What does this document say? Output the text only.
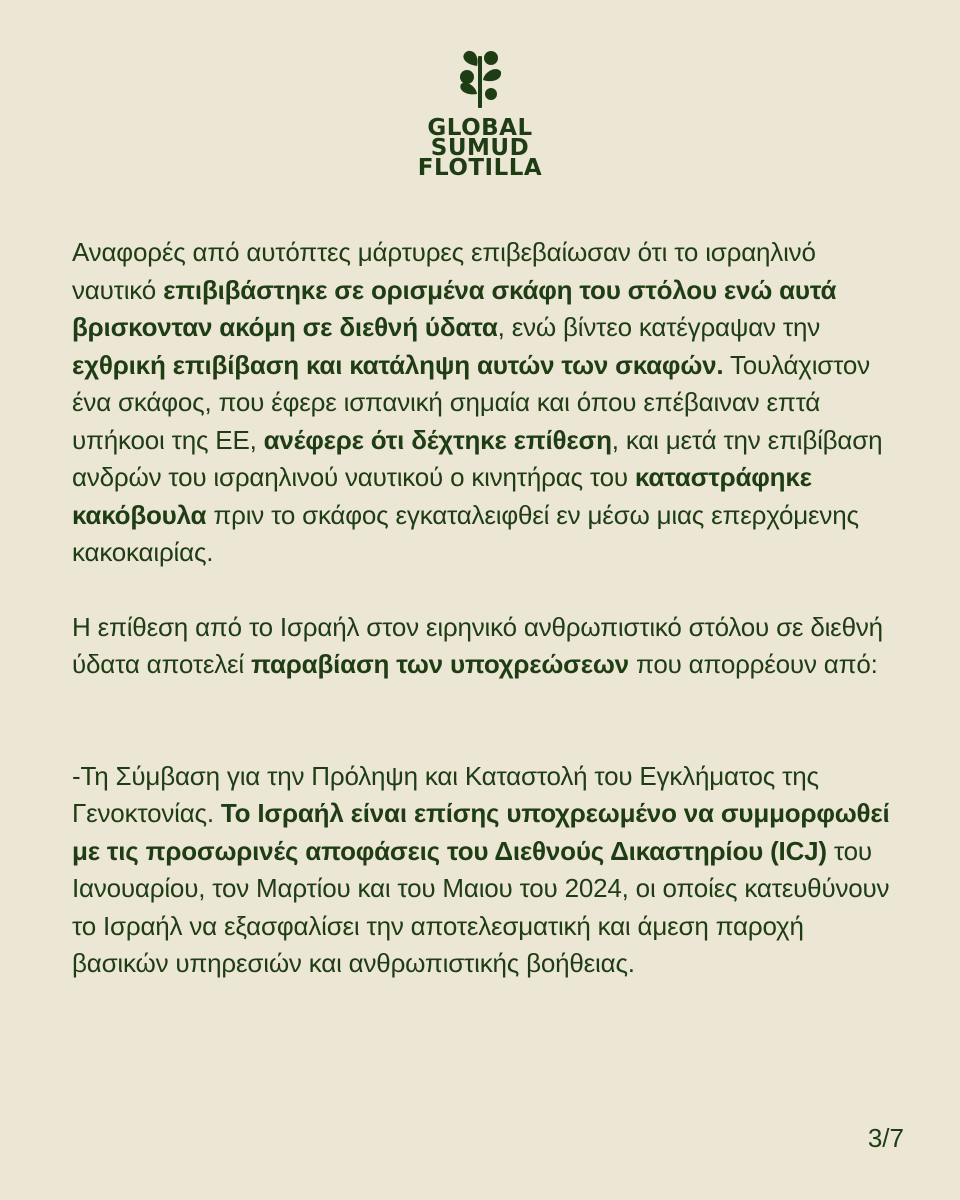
GLOBAL
SUMUD
FLOTILLA

Αναφορές από αυτόπτες μάρτυρες επιβεβαίωσαν ότι το ισραηλινό ναυτικό επιβιβάστηκε σε ορισμένα σκάφη του στόλου ενώ αυτά βρισκονταν ακόμη σε διεθνή ύδατα, ενώ βίντεο κατέγραψαν την εχθρική επιβίβαση και κατάληψη αυτών των σκαφών. Τουλάχιστον ένα σκάφος, που έφερε ισπανική σημαία και όπου επέβαιναν επτά υπήκοοι της ΕΕ, ανέφερε ότι δέχτηκε επίθεση, και μετά την επιβίβαση ανδρών του ισραηλινού ναυτικού ο κινητήρας του καταστράφηκε κακόβουλα πριν το σκάφος εγκαταλειφθεί εν μέσω μιας επερχόμενης κακοκαιρίας.

Η επίθεση από το Ισραήλ στον ειρηνικό ανθρωπιστικό στόλου σε διεθνή ύδατα αποτελεί παραβίαση των υποχρεώσεων που απορρέουν από:

-Τη Σύμβαση για την Πρόληψη και Καταστολή του Εγκλήματος της Γενοκτονίας. Το Ισραήλ είναι επίσης υποχρεωμένο να συμμορφωθεί με τις προσωρινές αποφάσεις του Διεθνούς Δικαστηρίου (ICJ) του Ιανουαρίου, τον Μαρτίου και του Μαιου του 2024, οι οποίες κατευθύνουν το Ισραήλ να εξασφαλίσει την αποτελεσματική και άμεση παροχή βασικών υπηρεσιών και ανθρωπιστικής βοήθειας.

3/7
